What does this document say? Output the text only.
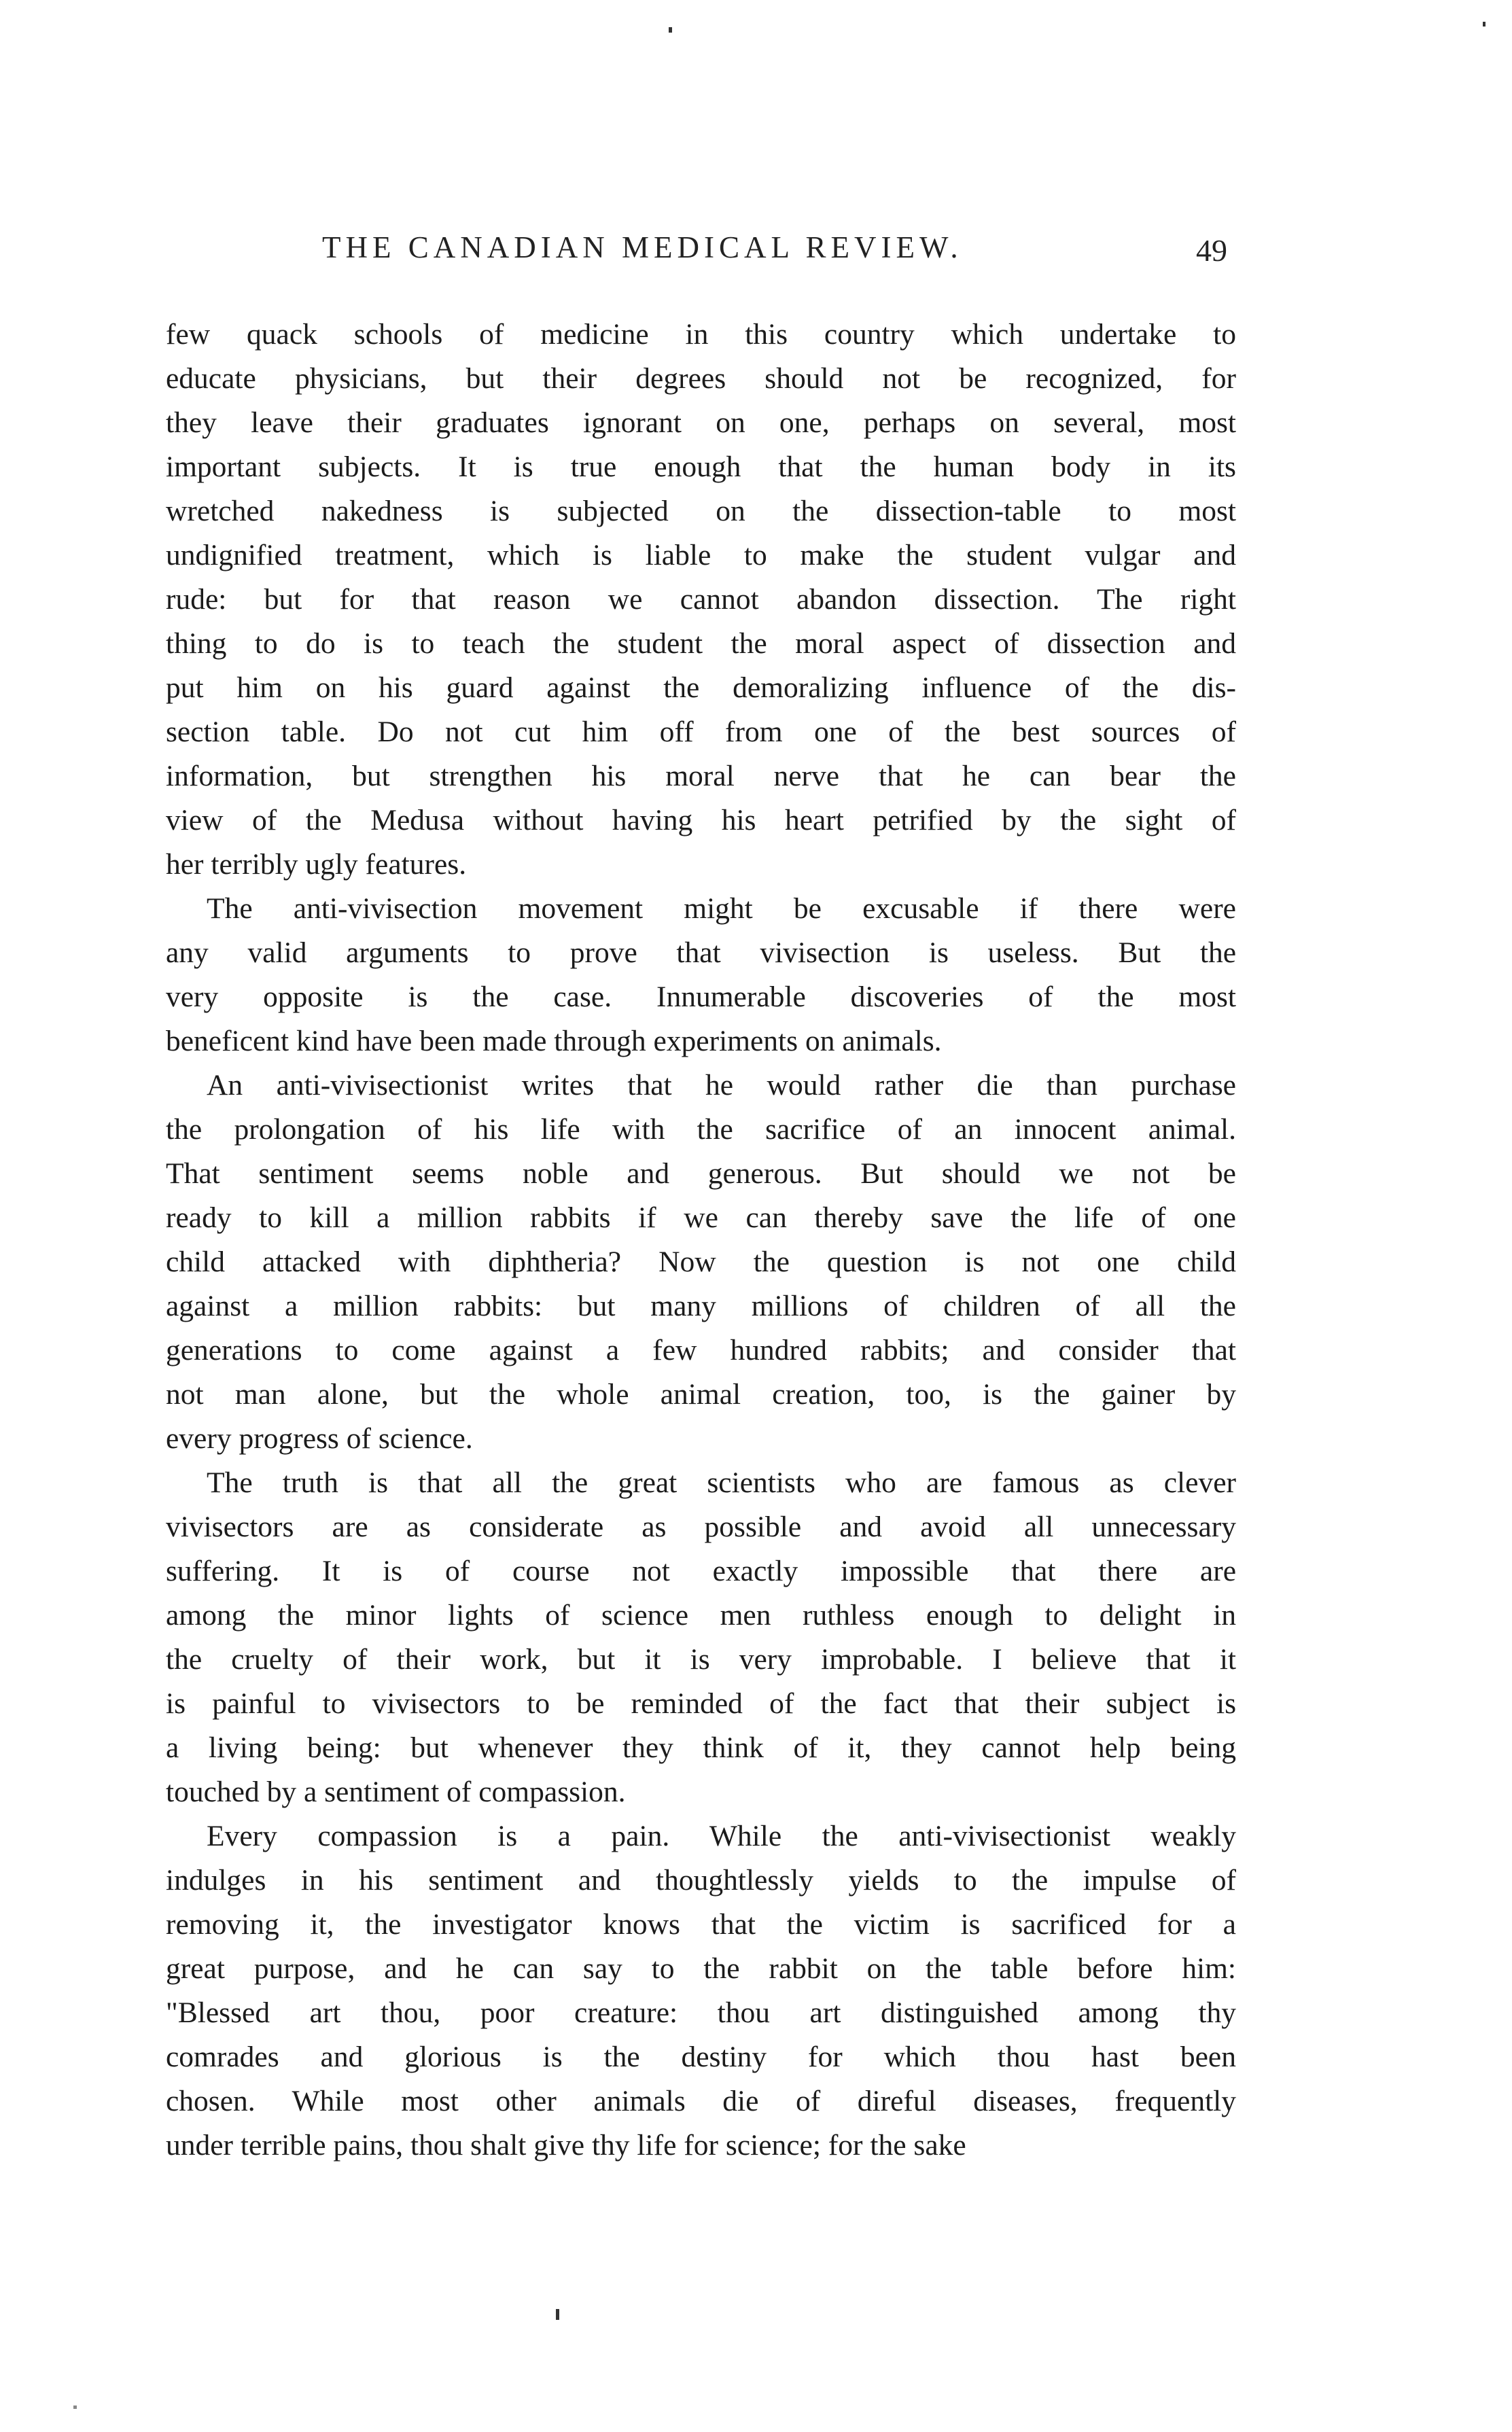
THE CANADIAN MEDICAL REVIEW.	49

few quack schools of medicine in this country which undertake to
educate physicians, but their degrees should not be recognized, for
they leave their graduates ignorant on one, perhaps on several, most
important subjects. It is true enough that the human body in its
wretched nakedness is subjected on the dissection-table to most
undignified treatment, which is liable to make the student vulgar and
rude: but for that reason we cannot abandon dissection. The right
thing to do is to teach the student the moral aspect of dissection and
put him on his guard against the demoralizing influence of the dis-
section table. Do not cut him off from one of the best sources of
information, but strengthen his moral nerve that he can bear the
view of the Medusa without having his heart petrified by the sight of
her terribly ugly features.

The anti-vivisection movement might be excusable if there were
any valid arguments to prove that vivisection is useless. But the
very opposite is the case. Innumerable discoveries of the most
beneficent kind have been made through experiments on animals.

An anti-vivisectionist writes that he would rather die than purchase
the prolongation of his life with the sacrifice of an innocent animal.
That sentiment seems noble and generous. But should we not be
ready to kill a million rabbits if we can thereby save the life of one
child attacked with diphtheria? Now the question is not one child
against a million rabbits: but many millions of children of all the
generations to come against a few hundred rabbits; and consider that
not man alone, but the whole animal creation, too, is the gainer by
every progress of science.

The truth is that all the great scientists who are famous as clever
vivisectors are as considerate as possible and avoid all unnecessary
suffering. It is of course not exactly impossible that there are
among the minor lights of science men ruthless enough to delight in
the cruelty of their work, but it is very improbable. I believe that it
is painful to vivisectors to be reminded of the fact that their subject is
a living being: but whenever they think of it, they cannot help being
touched by a sentiment of compassion.

Every compassion is a pain. While the anti-vivisectionist weakly
indulges in his sentiment and thoughtlessly yields to the impulse of
removing it, the investigator knows that the victim is sacrificed for a
great purpose, and he can say to the rabbit on the table before him:
"Blessed art thou, poor creature: thou art distinguished among thy
comrades and glorious is the destiny for which thou hast been
chosen. While most other animals die of direful diseases, frequently
under terrible pains, thou shalt give thy life for science; for the sake
